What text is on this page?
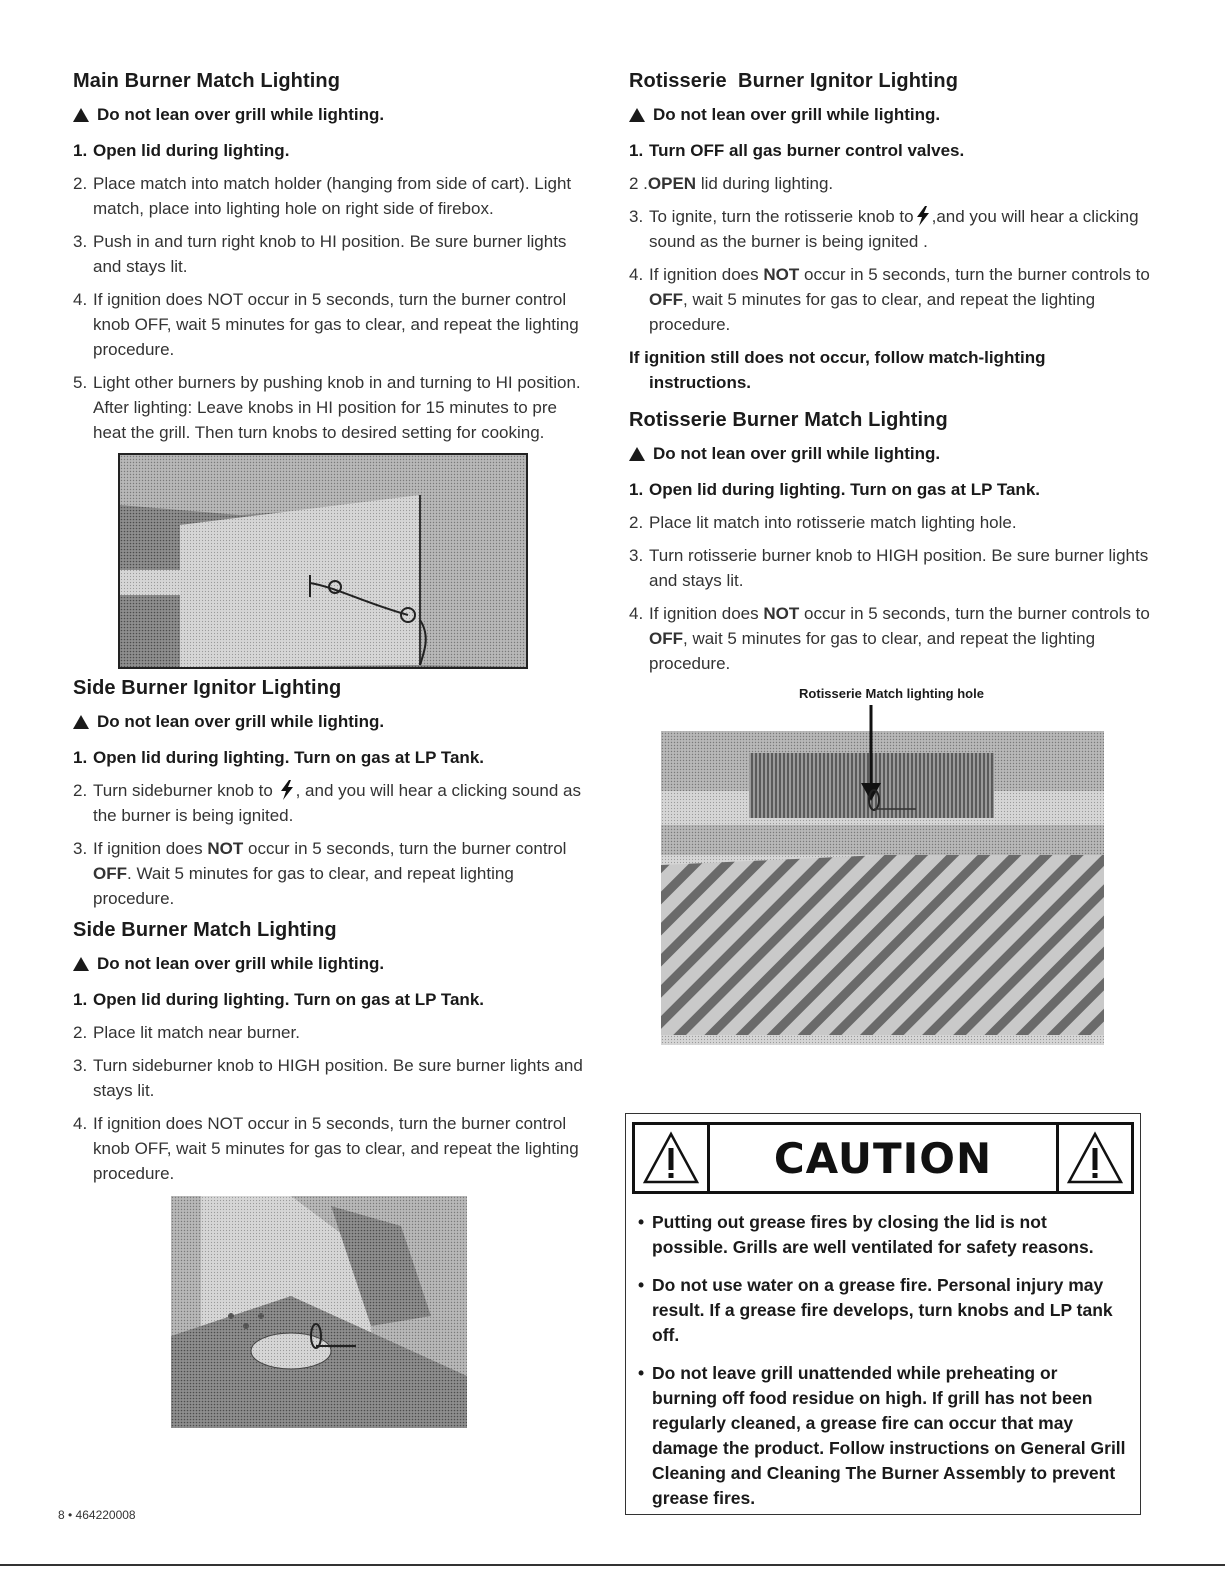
Main Burner Match Lighting
Do not lean over grill while lighting.
1. Open lid during lighting.
2. Place match into match holder (hanging from side of cart). Light match, place into lighting hole on right side of firebox.
3. Push in and turn right knob to HI position. Be sure burner lights and stays lit.
4. If ignition does NOT occur in 5 seconds, turn the burner control knob OFF, wait 5 minutes for gas to clear, and repeat the lighting procedure.
5. Light other burners by pushing knob in and turning to HI position. After lighting: Leave knobs in HI position for 15 minutes to pre heat the grill. Then turn knobs to desired setting for cooking.
Side Burner Ignitor Lighting
Do not lean over grill while lighting.
1. Open lid during lighting. Turn on gas at LP Tank.
2. Turn sideburner knob to , and you will hear a clicking sound as the burner is being ignited.
3. If ignition does NOT occur in 5 seconds, turn the burner control OFF. Wait 5 minutes for gas to clear, and repeat lighting procedure.
Side Burner Match Lighting
Do not lean over grill while lighting.
1. Open lid during lighting. Turn on gas at LP Tank.
2. Place lit match near burner.
3. Turn sideburner knob to HIGH position. Be sure burner lights and stays lit.
4. If ignition does NOT occur in 5 seconds, turn the burner control knob OFF, wait 5 minutes for gas to clear, and repeat the lighting procedure.
Rotisserie  Burner Ignitor Lighting
Do not lean over grill while lighting.
1. Turn OFF all gas burner control valves.
2 .OPEN lid during lighting.
3. To ignite, turn the rotisserie knob to ,and you will hear a clicking sound as the burner is being ignited .
4. If ignition does NOT occur in 5 seconds, turn the burner controls to OFF, wait 5 minutes for gas to clear, and repeat the lighting procedure.
If ignition still does not occur, follow match-lighting
instructions.
Rotisserie Burner Match Lighting
Do not lean over grill while lighting.
1. Open lid during lighting. Turn on gas at LP Tank.
2. Place lit match into rotisserie match lighting hole.
3. Turn rotisserie burner knob to HIGH position. Be sure burner lights and stays lit.
4. If ignition does NOT occur in 5 seconds, turn the burner controls to OFF, wait 5 minutes for gas to clear, and repeat the lighting procedure.
Rotisserie Match lighting hole
CAUTION
• Putting out grease fires by closing the lid is not possible. Grills are well ventilated for safety reasons.
• Do not use water on a grease fire. Personal injury may result. If a grease fire develops, turn knobs and LP tank off.
• Do not leave grill unattended while preheating or burning off food residue on high. If grill has not been regularly cleaned, a grease fire can occur that may damage the product. Follow instructions on General Grill Cleaning and Cleaning The Burner Assembly to prevent grease fires.
8 • 464220008
